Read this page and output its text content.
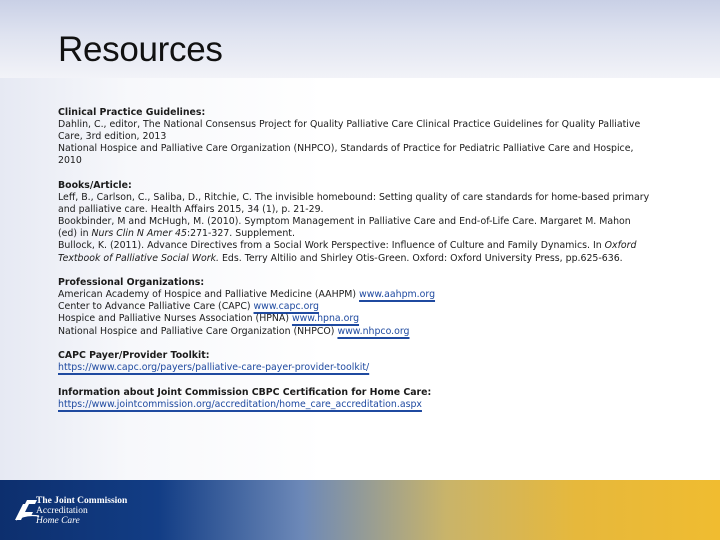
Resources
Clinical Practice Guidelines:
Dahlin, C., editor, The National Consensus Project for Quality Palliative Care Clinical Practice Guidelines for Quality Palliative
Care, 3rd edition, 2013
National Hospice and Palliative Care Organization (NHPCO), Standards of Practice for Pediatric Palliative Care and Hospice,
2010
Books/Article:
Leff, B., Carlson, C., Saliba, D., Ritchie, C. The invisible homebound: Setting quality of care standards for home-based primary
and palliative care. Health Affairs 2015, 34 (1), p. 21-29.
Bookbinder, M and McHugh, M. (2010). Symptom Management in Palliative Care and End-of-Life Care. Margaret M. Mahon
(ed) in Nurs Clin N Amer 45:271-327. Supplement.
Bullock, K. (2011). Advance Directives from a Social Work Perspective: Influence of Culture and Family Dynamics. In Oxford
Textbook of Palliative Social Work. Eds. Terry Altilio and Shirley Otis-Green. Oxford: Oxford University Press, pp.625-636.
Professional Organizations:
American Academy of Hospice and Palliative Medicine (AAHPM) www.aahpm.org
Center to Advance Palliative Care (CAPC) www.capc.org
Hospice and Palliative Nurses Association (HPNA) www.hpna.org
National Hospice and Palliative Care Organization (NHPCO) www.nhpco.org
CAPC Payer/Provider Toolkit:
https://www.capc.org/payers/palliative-care-payer-provider-toolkit/
Information about Joint Commission CBPC Certification for Home Care:
https://www.jointcommission.org/accreditation/home_care_accreditation.aspx
The Joint Commission
Accreditation
Home Care
